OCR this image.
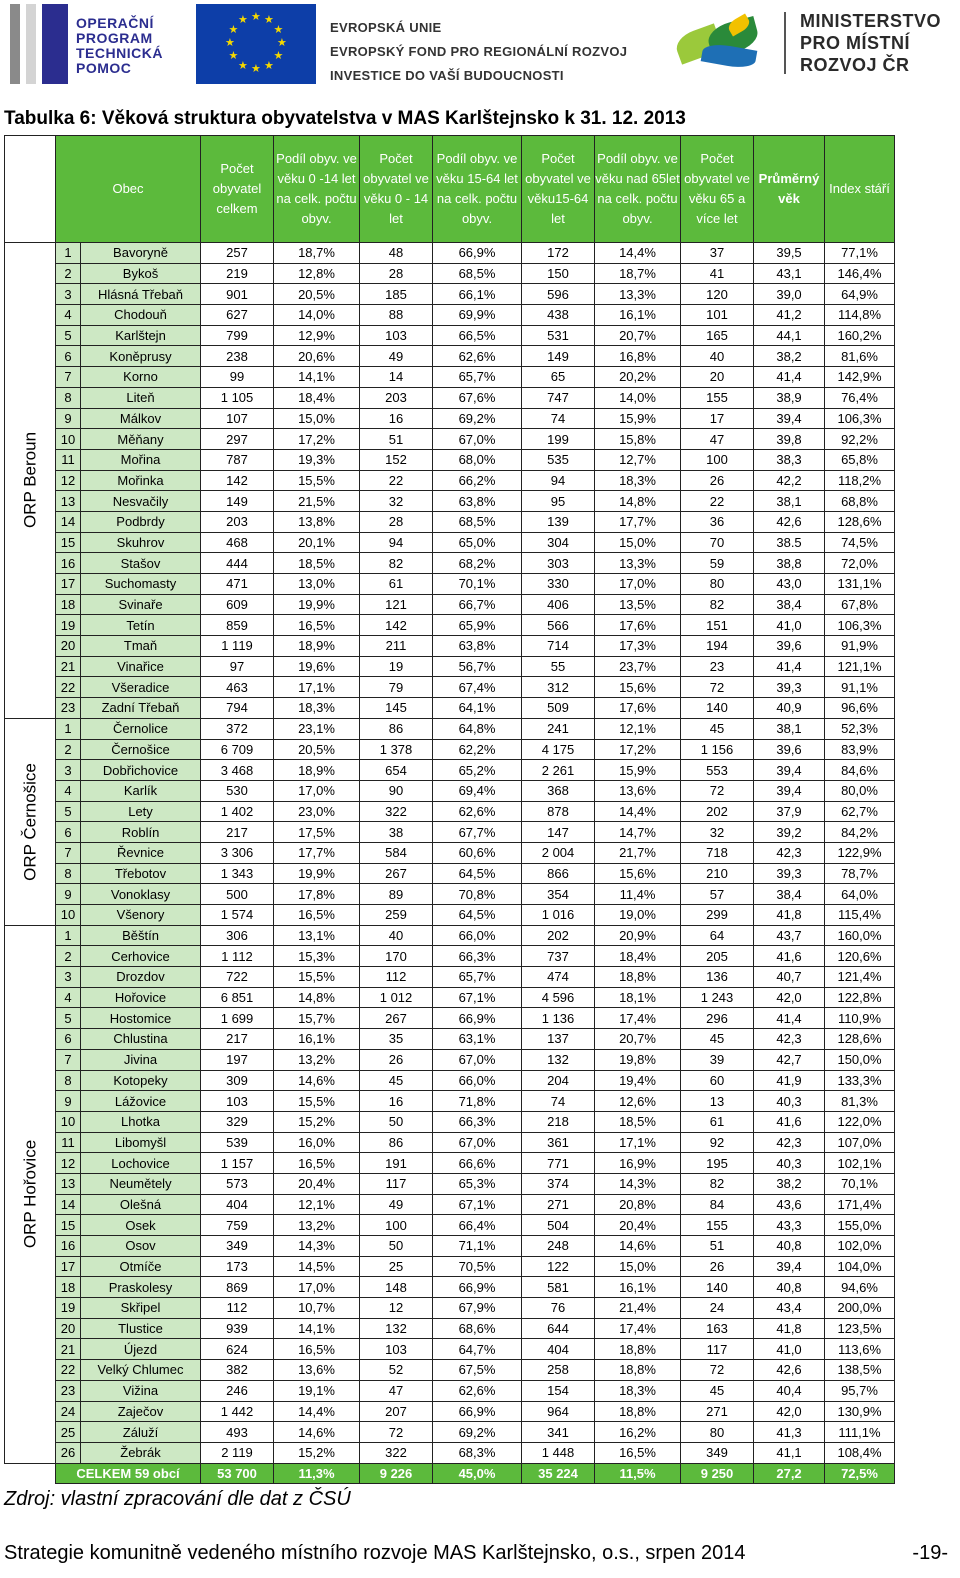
OPERAČNÍ
PROGRAM
TECHNICKÁ
POMOC
★ ★
★
★
★
★
★
★
★
★
★
★	EVROPSKÁ UNIE
EVROPSKÝ FOND PRO REGIONÁLNÍ ROZVOJ
INVESTICE DO VAŠÍ BUDOUCNOSTI
MINISTERSTVO
PRO MÍSTNÍ
ROZVOJ ČR
Tabulka 6: Věková struktura obyvatelstva v MAS Karlštejnsko k 31. 12. 2013
	Obec		Počet obyvatel celkem	Podíl obyv. ve věku 0 -14 let na celk. počtu obyv.	Počet obyvatel ve věku 0 - 14 let	Podíl obyv. ve věku 15-64 let na celk. počtu obyv.	Počet obyvatel ve věku15-64 let	Podíl obyv. ve věku nad 65let na celk. počtu obyv.	Počet obyvatel ve věku 65 a více let	Průměrný věk	Index stáří

ORP Beroun	1	Bavoryně	257	18,7%	48	66,9%	172	14,4%	37	39,5	77,1%
	2	Bykoš	219	12,8%	28	68,5%	150	18,7%	41	43,1	146,4%
	3	Hlásná Třebaň	901	20,5%	185	66,1%	596	13,3%	120	39,0	64,9%
	4	Chodouň	627	14,0%	88	69,9%	438	16,1%	101	41,2	114,8%
	5	Karlštejn	799	12,9%	103	66,5%	531	20,7%	165	44,1	160,2%
	6	Koněprusy	238	20,6%	49	62,6%	149	16,8%	40	38,2	81,6%
	7	Korno	99	14,1%	14	65,7%	65	20,2%	20	41,4	142,9%
	8	Liteň	1 105	18,4%	203	67,6%	747	14,0%	155	38,9	76,4%
	9	Málkov	107	15,0%	16	69,2%	74	15,9%	17	39,4	106,3%
	10	Měňany	297	17,2%	51	67,0%	199	15,8%	47	39,8	92,2%
	11	Mořina	787	19,3%	152	68,0%	535	12,7%	100	38,3	65,8%
	12	Mořinka	142	15,5%	22	66,2%	94	18,3%	26	42,2	118,2%
	13	Nesvačily	149	21,5%	32	63,8%	95	14,8%	22	38,1	68,8%
	14	Podbrdy	203	13,8%	28	68,5%	139	17,7%	36	42,6	128,6%
	15	Skuhrov	468	20,1%	94	65,0%	304	15,0%	70	38.5	74,5%
	16	Stašov	444	18,5%	82	68,2%	303	13,3%	59	38,8	72,0%
	17	Suchomasty	471	13,0%	61	70,1%	330	17,0%	80	43,0	131,1%
	18	Svinaře	609	19,9%	121	66,7%	406	13,5%	82	38,4	67,8%
	19	Tetín	859	16,5%	142	65,9%	566	17,6%	151	41,0	106,3%
	20	Tmaň	1 119	18,9%	211	63,8%	714	17,3%	194	39,6	91,9%
	21	Vinařice	97	19,6%	19	56,7%	55	23,7%	23	41,4	121,1%
	22	Všeradice	463	17,1%	79	67,4%	312	15,6%	72	39,3	91,1%
	23	Zadní Třebaň	794	18,3%	145	64,1%	509	17,6%	140	40,9	96,6%

ORP Černošice	1	Černolice	372	23,1%	86	64,8%	241	12,1%	45	38,1	52,3%
	2	Černošice	6 709	20,5%	1 378	62,2%	4 175	17,2%	1 156	39,6	83,9%
	3	Dobřichovice	3 468	18,9%	654	65,2%	2 261	15,9%	553	39,4	84,6%
	4	Karlík	530	17,0%	90	69,4%	368	13,6%	72	39,4	80,0%
	5	Lety	1 402	23,0%	322	62,6%	878	14,4%	202	37,9	62,7%
	6	Roblín	217	17,5%	38	67,7%	147	14,7%	32	39,2	84,2%
	7	Řevnice	3 306	17,7%	584	60,6%	2 004	21,7%	718	42,3	122,9%
	8	Třebotov	1 343	19,9%	267	64,5%	866	15,6%	210	39,3	78,7%
	9	Vonoklasy	500	17,8%	89	70,8%	354	11,4%	57	38,4	64,0%
	10	Všenory	1 574	16,5%	259	64,5%	1 016	19,0%	299	41,8	115,4%

ORP Hořovice	1	Běštín	306	13,1%	40	66,0%	202	20,9%	64	43,7	160,0%
	2	Cerhovice	1 112	15,3%	170	66,3%	737	18,4%	205	41,6	120,6%
	3	Drozdov	722	15,5%	112	65,7%	474	18,8%	136	40,7	121,4%
	4	Hořovice	6 851	14,8%	1 012	67,1%	4 596	18,1%	1 243	42,0	122,8%
	5	Hostomice	1 699	15,7%	267	66,9%	1 136	17,4%	296	41,4	110,9%
	6	Chlustina	217	16,1%	35	63,1%	137	20,7%	45	42,3	128,6%
	7	Jivina	197	13,2%	26	67,0%	132	19,8%	39	42,7	150,0%
	8	Kotopeky	309	14,6%	45	66,0%	204	19,4%	60	41,9	133,3%
	9	Lážovice	103	15,5%	16	71,8%	74	12,6%	13	40,3	81,3%
	10	Lhotka	329	15,2%	50	66,3%	218	18,5%	61	41,6	122,0%
	11	Libomyšl	539	16,0%	86	67,0%	361	17,1%	92	42,3	107,0%
	12	Lochovice	1 157	16,5%	191	66,6%	771	16,9%	195	40,3	102,1%
	13	Neumětely	573	20,4%	117	65,3%	374	14,3%	82	38,2	70,1%
	14	Olešná	404	12,1%	49	67,1%	271	20,8%	84	43,6	171,4%
	15	Osek	759	13,2%	100	66,4%	504	20,4%	155	43,3	155,0%
	16	Osov	349	14,3%	50	71,1%	248	14,6%	51	40,8	102,0%
	17	Otmíče	173	14,5%	25	70,5%	122	15,0%	26	39,4	104,0%
	18	Praskolesy	869	17,0%	148	66,9%	581	16,1%	140	40,8	94,6%
	19	Skřipel	112	10,7%	12	67,9%	76	21,4%	24	43,4	200,0%
	20	Tlustice	939	14,1%	132	68,6%	644	17,4%	163	41,8	123,5%
	21	Újezd	624	16,5%	103	64,7%	404	18,8%	117	41,0	113,6%
	22	Velký Chlumec	382	13,6%	52	67,5%	258	18,8%	72	42,6	138,5%
	23	Vižina	246	19,1%	47	62,6%	154	18,3%	45	40,4	95,7%
	24	Zaječov	1 442	14,4%	207	66,9%	964	18,8%	271	42,0	130,9%
	25	Záluží	493	14,6%	72	69,2%	341	16,2%	80	41,3	111,1%
	26	Žebrák	2 119	15,2%	322	68,3%	1 448	16,5%	349	41,1	108,4%
	CELKEM 59 obcí		53 700	11,3%	9 226	45,0%	35 224	11,5%	9 250	27,2	72,5%
Zdroj: vlastní zpracování dle dat z ČSÚ
Strategie komunitně vedeného místního rozvoje MAS Karlštejnsko, o.s., srpen 2014	-19-
